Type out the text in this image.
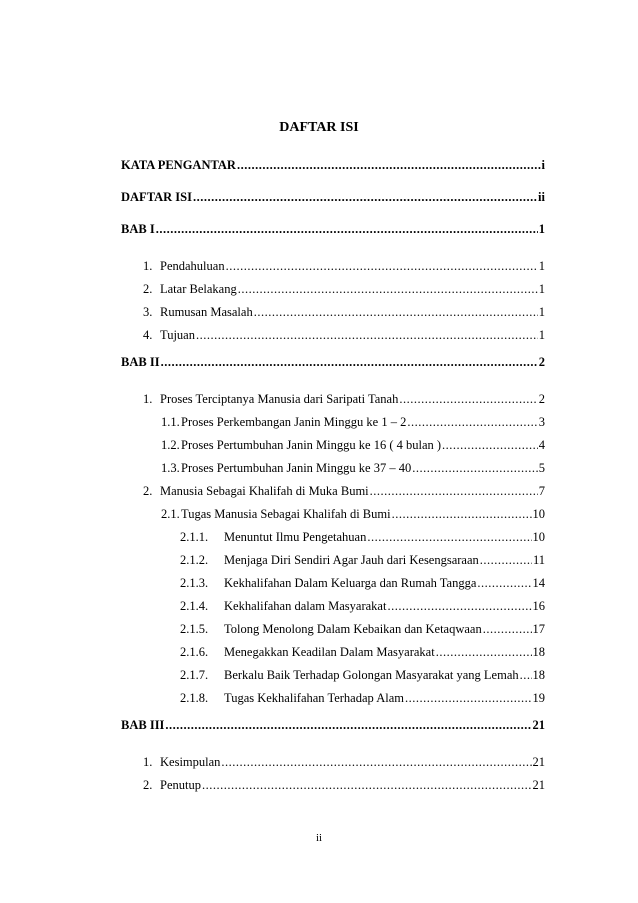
DAFTAR ISI
KATA PENGANTAR .....	i
DAFTAR ISI .....	ii
BAB I .....	1
1. Pendahuluan .....	1
2. Latar Belakang .....	1
3. Rumusan Masalah .....	1
4. Tujuan .....	1
BAB II .....	2
1. Proses Terciptanya Manusia dari Saripati Tanah .....	2
1.1. Proses Perkembangan Janin Minggu ke 1 – 2 .....	3
1.2. Proses Pertumbuhan Janin Minggu ke 16 ( 4 bulan ) .....	4
1.3. Proses Pertumbuhan Janin Minggu ke 37 – 40 .....	5
2. Manusia Sebagai Khalifah di Muka Bumi .....	7
2.1. Tugas Manusia Sebagai Khalifah di Bumi .....	10
2.1.1.	Menuntut Ilmu Pengetahuan .....	10
2.1.2.	Menjaga Diri Sendiri Agar Jauh dari Kesengsaraan .....	11
2.1.3.	Kekhalifahan Dalam Keluarga dan Rumah Tangga .....	14
2.1.4.	Kekhalifahan dalam Masyarakat .....	16
2.1.5.	Tolong Menolong Dalam Kebaikan dan Ketaqwaan .....	17
2.1.6.	Menegakkan Keadilan Dalam Masyarakat .....	18
2.1.7.	Berkalu Baik Terhadap Golongan Masyarakat yang Lemah ..... 18
2.1.8.	Tugas Kekhalifahan Terhadap Alam .....	19
BAB III .....	21
1. Kesimpulan .....	21
2. Penutup .....	21
ii
